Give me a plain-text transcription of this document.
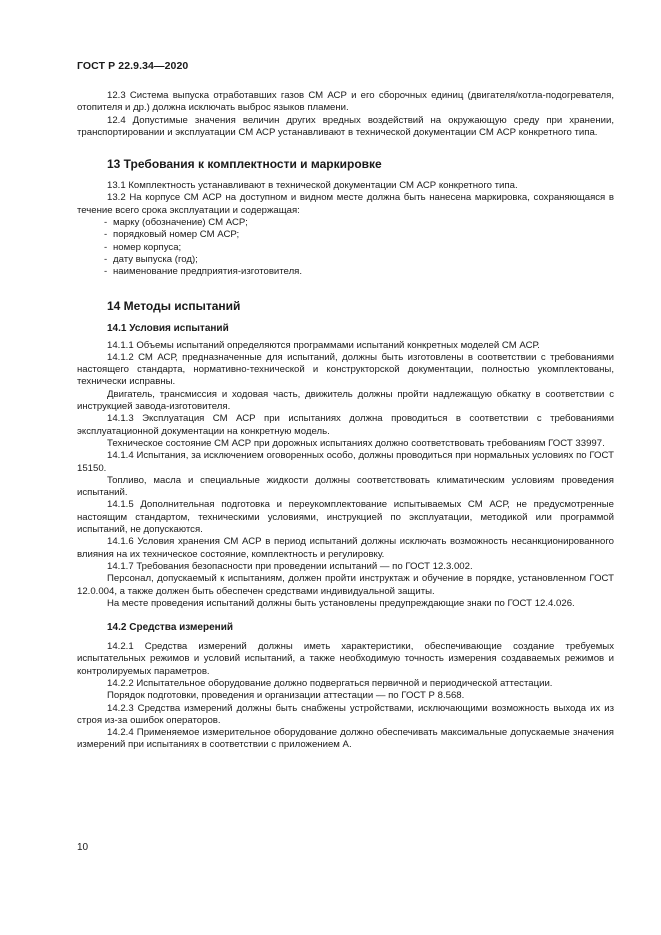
ГОСТ Р 22.9.34—2020

12.3 Система выпуска отработавших газов СМ АСР и его сборочных единиц (двигателя/котла-подогревателя, отопителя и др.) должна исключать выброс языков пламени.

12.4 Допустимые значения величин других вредных воздействий на окружающую среду при хранении, транспортировании и эксплуатации СМ АСР устанавливают в технической документации СМ АСР конкретного типа.

13 Требования к комплектности и маркировке

13.1 Комплектность устанавливают в технической документации СМ АСР конкретного типа.

13.2 На корпусе СМ АСР на доступном и видном месте должна быть нанесена маркировка, сохраняющаяся в течение всего срока эксплуатации и содержащая:

- марку (обозначение) СМ АСР;
- порядковый номер СМ АСР;
- номер корпуса;
- дату выпуска (год);
- наименование предприятия-изготовителя.
14 Методы испытаний
14.1 Условия испытаний

14.1.1 Объемы испытаний определяются программами испытаний конкретных моделей СМ АСР.

14.1.2 СМ АСР, предназначенные для испытаний, должны быть изготовлены в соответствии с требованиями настоящего стандарта, нормативно-технической и конструкторской документации, полностью укомплектованы, технически исправны.

Двигатель, трансмиссия и ходовая часть, движитель должны пройти надлежащую обкатку в соответствии с инструкцией завода-изготовителя.

14.1.3 Эксплуатация СМ АСР при испытаниях должна проводиться в соответствии с требованиями эксплуатационной документации на конкретную модель.

Техническое состояние СМ АСР при дорожных испытаниях должно соответствовать требованиям ГОСТ 33997.

14.1.4 Испытания, за исключением оговоренных особо, должны проводиться при нормальных условиях по ГОСТ 15150.

Топливо, масла и специальные жидкости должны соответствовать климатическим условиям проведения испытаний.

14.1.5 Дополнительная подготовка и переукомплектование испытываемых СМ АСР, не предусмотренные настоящим стандартом, техническими условиями, инструкцией по эксплуатации, методикой или программой испытаний, не допускаются.

14.1.6 Условия хранения СМ АСР в период испытаний должны исключать возможность несанкционированного влияния на их техническое состояние, комплектность и регулировку.

14.1.7 Требования безопасности при проведении испытаний — по ГОСТ 12.3.002.

Персонал, допускаемый к испытаниям, должен пройти инструктаж и обучение в порядке, установленном ГОСТ 12.0.004, а также должен быть обеспечен средствами индивидуальной защиты.

На месте проведения испытаний должны быть установлены предупреждающие знаки по ГОСТ 12.4.026.

14.2 Средства измерений

14.2.1 Средства измерений должны иметь характеристики, обеспечивающие создание требуемых испытательных режимов и условий испытаний, а также необходимую точность измерения создаваемых режимов и контролируемых параметров.

14.2.2 Испытательное оборудование должно подвергаться первичной и периодической аттестации.

Порядок подготовки, проведения и организации аттестации — по ГОСТ Р 8.568.

14.2.3 Средства измерений должны быть снабжены устройствами, исключающими возможность выхода их из строя из-за ошибок операторов.

14.2.4 Применяемое измерительное оборудование должно обеспечивать максимальные допускаемые значения измерений при испытаниях в соответствии с приложением А.

10
